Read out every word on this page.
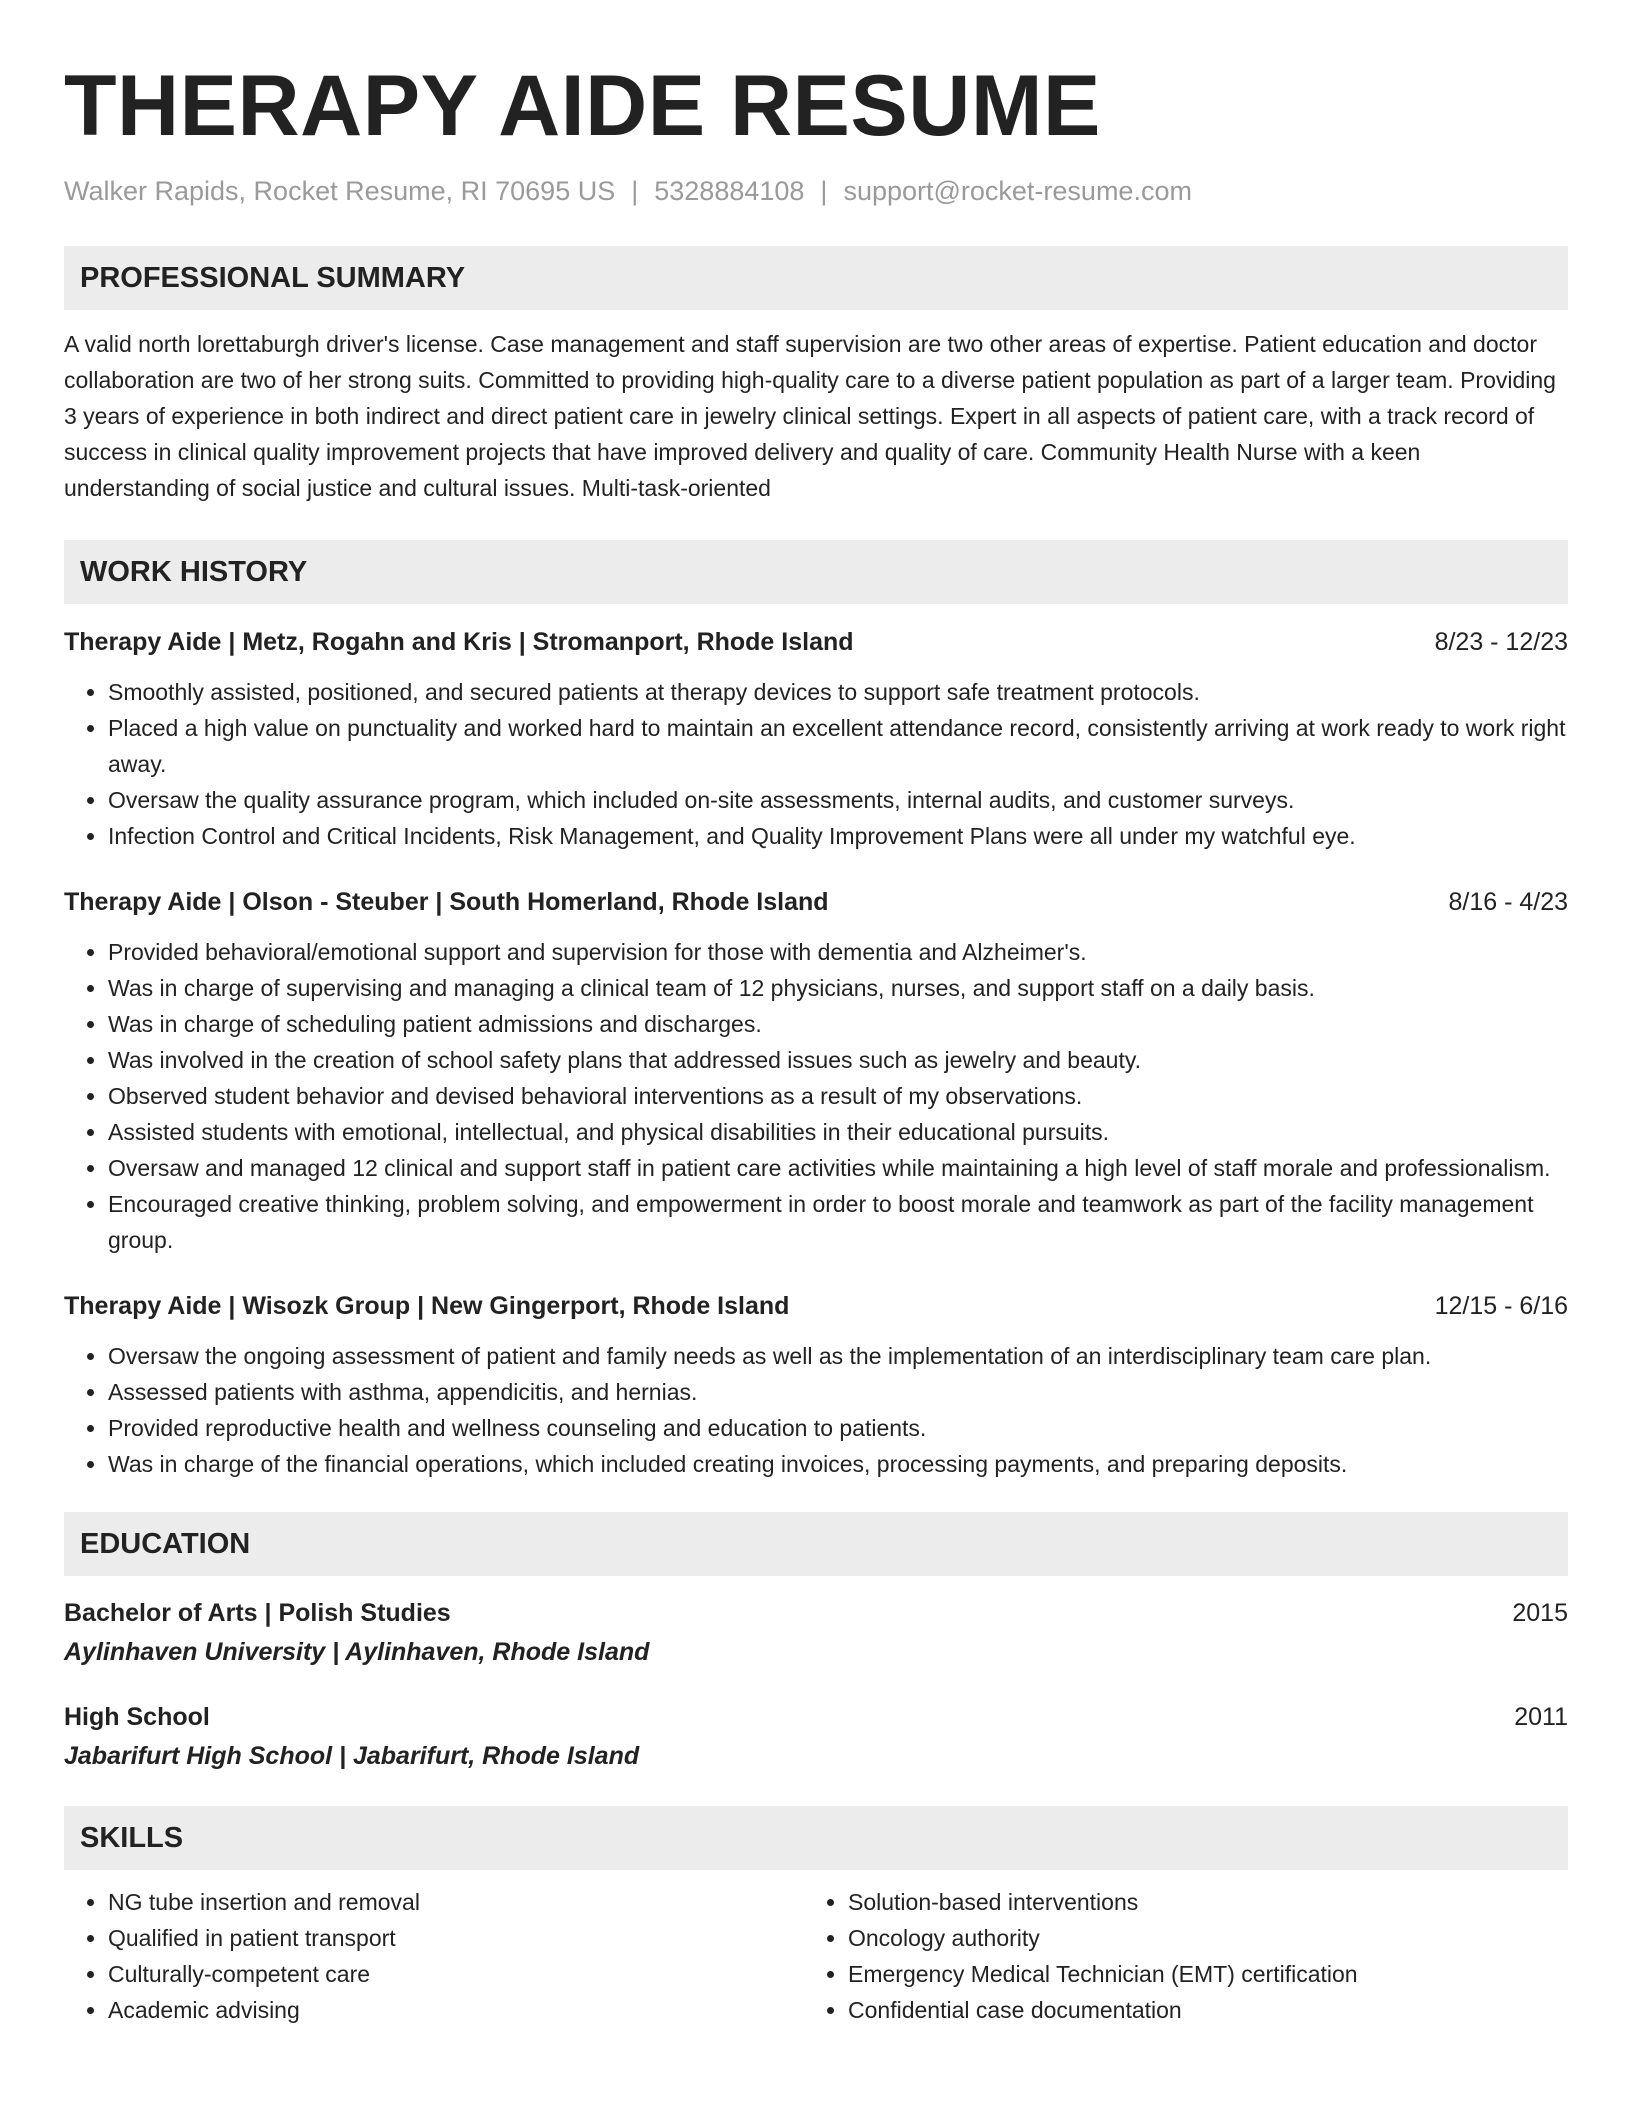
THERAPY AIDE RESUME
Walker Rapids, Rocket Resume, RI 70695 US | 5328884108 | support@rocket-resume.com
PROFESSIONAL SUMMARY
A valid north lorettaburgh driver's license. Case management and staff supervision are two other areas of expertise. Patient education and doctor collaboration are two of her strong suits. Committed to providing high-quality care to a diverse patient population as part of a larger team. Providing 3 years of experience in both indirect and direct patient care in jewelry clinical settings. Expert in all aspects of patient care, with a track record of success in clinical quality improvement projects that have improved delivery and quality of care. Community Health Nurse with a keen understanding of social justice and cultural issues. Multi-task-oriented
WORK HISTORY
Therapy Aide | Metz, Rogahn and Kris | Stromanport, Rhode Island	8/23 - 12/23
• Smoothly assisted, positioned, and secured patients at therapy devices to support safe treatment protocols.
• Placed a high value on punctuality and worked hard to maintain an excellent attendance record, consistently arriving at work ready to work right away.
• Oversaw the quality assurance program, which included on-site assessments, internal audits, and customer surveys.
• Infection Control and Critical Incidents, Risk Management, and Quality Improvement Plans were all under my watchful eye.
Therapy Aide | Olson - Steuber | South Homerland, Rhode Island	8/16 - 4/23
• Provided behavioral/emotional support and supervision for those with dementia and Alzheimer's.
• Was in charge of supervising and managing a clinical team of 12 physicians, nurses, and support staff on a daily basis.
• Was in charge of scheduling patient admissions and discharges.
• Was involved in the creation of school safety plans that addressed issues such as jewelry and beauty.
• Observed student behavior and devised behavioral interventions as a result of my observations.
• Assisted students with emotional, intellectual, and physical disabilities in their educational pursuits.
• Oversaw and managed 12 clinical and support staff in patient care activities while maintaining a high level of staff morale and professionalism.
• Encouraged creative thinking, problem solving, and empowerment in order to boost morale and teamwork as part of the facility management group.
Therapy Aide | Wisozk Group | New Gingerport, Rhode Island	12/15 - 6/16
• Oversaw the ongoing assessment of patient and family needs as well as the implementation of an interdisciplinary team care plan.
• Assessed patients with asthma, appendicitis, and hernias.
• Provided reproductive health and wellness counseling and education to patients.
• Was in charge of the financial operations, which included creating invoices, processing payments, and preparing deposits.
EDUCATION
Bachelor of Arts | Polish Studies	2015
Aylinhaven University | Aylinhaven, Rhode Island
High School	2011
Jabarifurt High School | Jabarifurt, Rhode Island
SKILLS
• NG tube insertion and removal
• Qualified in patient transport
• Culturally-competent care
• Academic advising
• Solution-based interventions
• Oncology authority
• Emergency Medical Technician (EMT) certification
• Confidential case documentation
